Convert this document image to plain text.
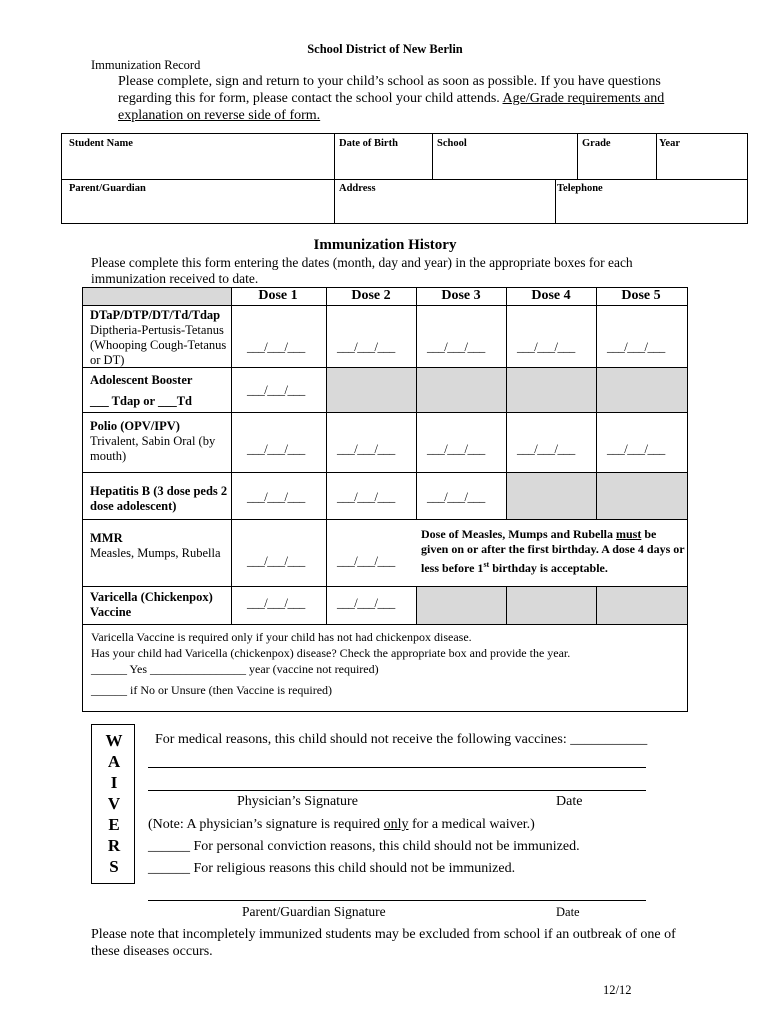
School District of New Berlin
Immunization Record
Please complete, sign and return to your child’s school as soon as possible. If you have questions regarding this for form, please contact the school your child attends. Age/Grade requirements and explanation on reverse side of form.
Student Name	Date of Birth	School	Grade	Year
Parent/Guardian	Address	Telephone
Immunization History
Please complete this form entering the dates (month, day and year) in the appropriate boxes for each immunization received to date.
Dose 1	Dose 2	Dose 3	Dose 4	Dose 5
DTaP/DTP/DT/Td/Tdap
Diptheria-Pertusis-Tetanus (Whooping Cough-Tetanus or DT)
___/___/___	___/___/___	___/___/___	___/___/___	___/___/___
Adolescent Booster
___ Tdap or ___Td
___/___/___
Polio (OPV/IPV)
Trivalent, Sabin Oral (by mouth)	___/___/___	___/___/___	___/___/___	___/___/___	___/___/___
Hepatitis B (3 dose peds 2 dose adolescent)
___/___/___	___/___/___	___/___/___
MMR
Measles, Mumps, Rubella
___/___/___	___/___/___
Dose of Measles, Mumps and Rubella must be given on or after the first birthday. A dose 4 days or less before 1st birthday is acceptable.
Varicella (Chickenpox) Vaccine
___/___/___	___/___/___
Varicella Vaccine is required only if your child has not had chickenpox disease.
Has your child had Varicella (chickenpox) disease? Check the appropriate box and provide the year.
______ Yes ________________ year (vaccine not required)
______ if No or Unsure (then Vaccine is required)
W
A
I
V
E
R
S
For medical reasons, this child should not receive the following vaccines: ___________
Physician’s Signature	Date
(Note: A physician’s signature is required only for a medical waiver.)
______ For personal conviction reasons, this child should not be immunized.
______ For religious reasons this child should not be immunized.
Parent/Guardian Signature	Date
Please note that incompletely immunized students may be excluded from school if an outbreak of one of these diseases occurs.
12/12
